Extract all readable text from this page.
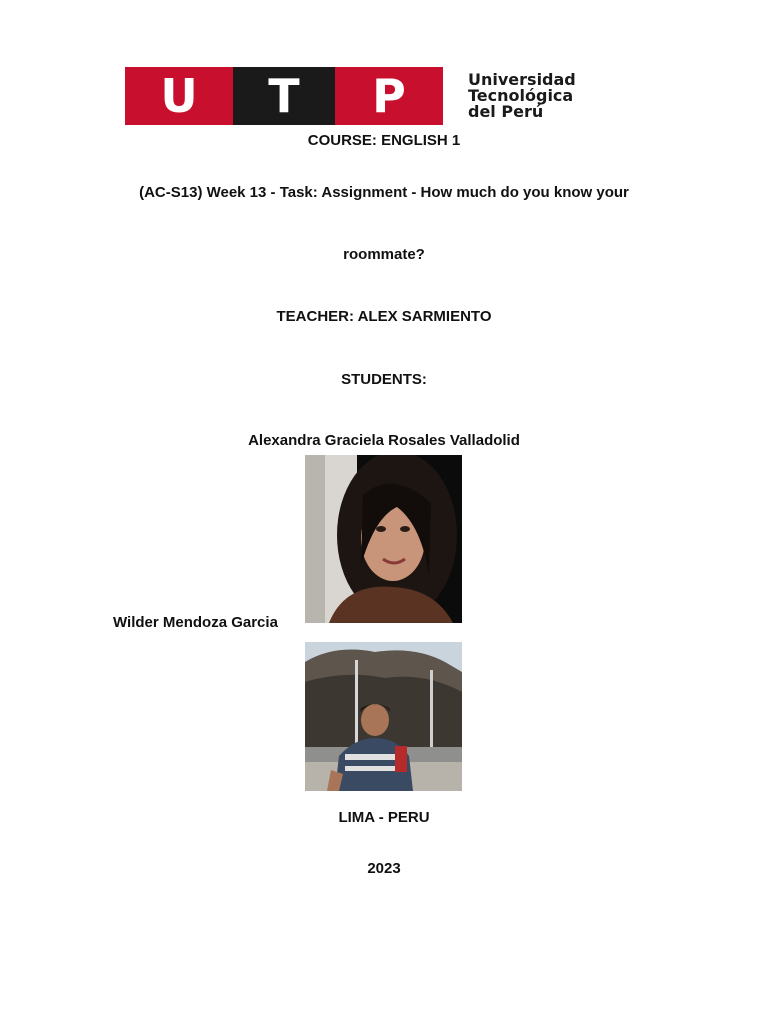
U	T	P	Universidad
Tecnológica
del Perú
COURSE: ENGLISH 1
(AC-S13) Week 13 - Task: Assignment - How much do you know your
roommate?
TEACHER: ALEX SARMIENTO
STUDENTS:
Alexandra Graciela Rosales Valladolid
Wilder Mendoza Garcia
LIMA - PERU
2023
